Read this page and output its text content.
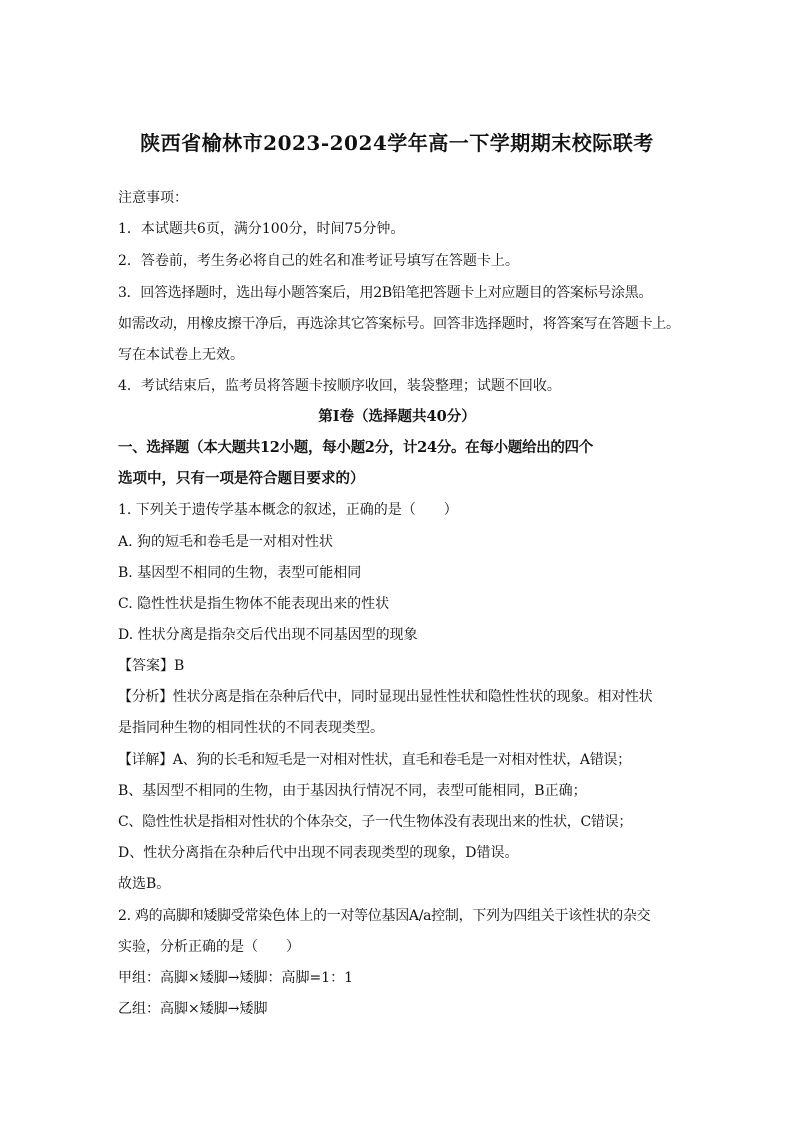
陕西省榆林市2023-2024学年高一下学期期末校际联考

注意事项：

1．本试题共6页，满分100分，时间75分钟。

2．答卷前，考生务必将自己的姓名和准考证号填写在答题卡上。

3．回答选择题时，选出每小题答案后，用2B铅笔把答题卡上对应题目的答案标号涂黑。

如需改动，用橡皮擦干净后，再选涂其它答案标号。回答非选择题时，将答案写在答题卡上。

写在本试卷上无效。

4．考试结束后，监考员将答题卡按顺序收回，装袋整理；试题不回收。

第Ⅰ卷（选择题共40分）

一、选择题（本大题共12小题，每小题2分，计24分。在每小题给出的四个

选项中，只有一项是符合题目要求的）

1. 下列关于遗传学基本概念的叙述，正确的是（　　）

A. 狗的短毛和卷毛是一对相对性状

B. 基因型不相同的生物，表型可能相同

C. 隐性性状是指生物体不能表现出来的性状

D. 性状分离是指杂交后代出现不同基因型的现象

【答案】B

【分析】性状分离是指在杂种后代中，同时显现出显性性状和隐性性状的现象。相对性状

是指同种生物的相同性状的不同表现类型。

【详解】A、狗的长毛和短毛是一对相对性状，直毛和卷毛是一对相对性状，A错误；

B、基因型不相同的生物，由于基因执行情况不同，表型可能相同，B正确；

C、隐性性状是指相对性状的个体杂交，子一代生物体没有表现出来的性状，C错误；

D、性状分离指在杂种后代中出现不同表现类型的现象，D错误。

故选B。

2. 鸡的高脚和矮脚受常染色体上的一对等位基因A/a控制，下列为四组关于该性状的杂交

实验，分析正确的是（　　）

甲组：高脚×矮脚→矮脚：高脚=1：1

乙组：高脚×矮脚→矮脚
